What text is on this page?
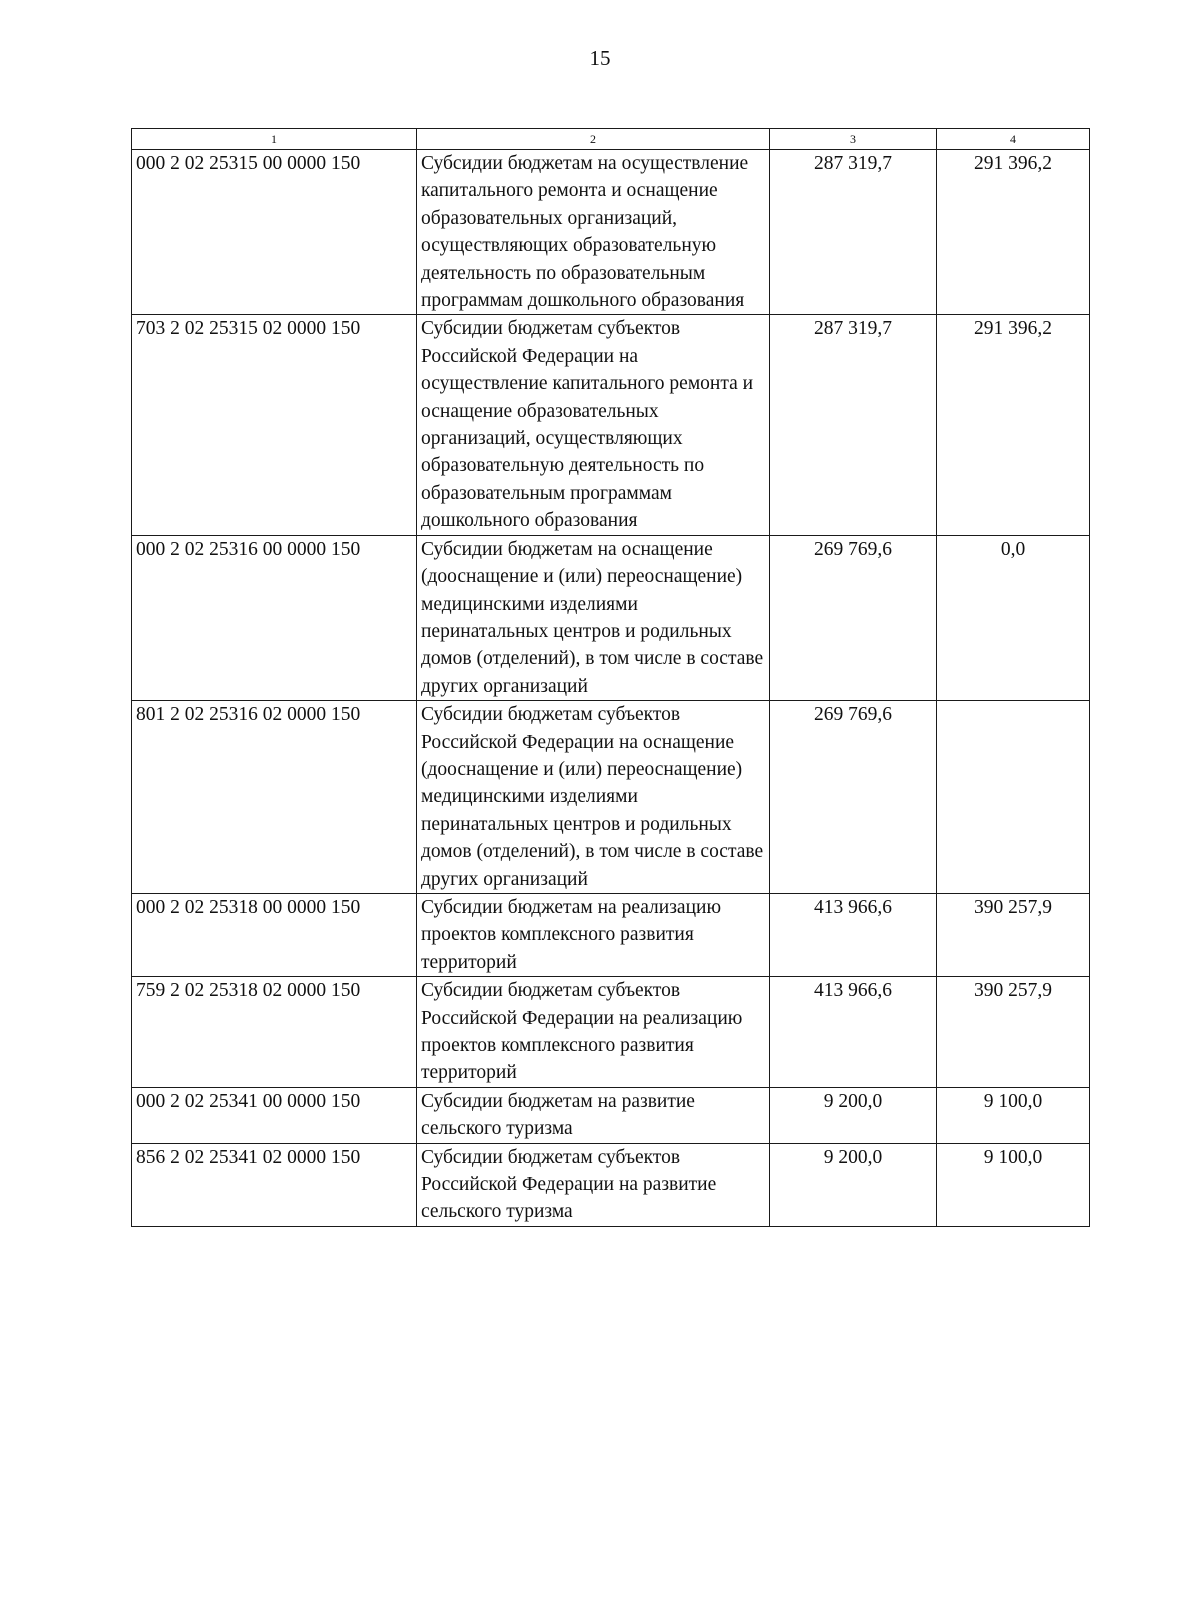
15
1	2	3	4
000 2 02 25315 00 0000 150	Субсидии бюджетам на осуществление капитального ремонта и оснащение образовательных организаций, осуществляющих образовательную деятельность по образовательным программам дошкольного образования	287 319,7	291 396,2
703 2 02 25315 02 0000 150	Субсидии бюджетам субъектов Российской Федерации на осуществление капитального ремонта и оснащение образовательных организаций, осуществляющих образовательную деятельность по образовательным программам дошкольного образования	287 319,7	291 396,2
000 2 02 25316 00 0000 150	Субсидии бюджетам на оснащение (дооснащение и (или) переоснащение) медицинскими изделиями перинатальных центров и родильных домов (отделений), в том числе в составе других организаций	269 769,6	0,0
801 2 02 25316 02 0000 150	Субсидии бюджетам субъектов Российской Федерации на оснащение (дооснащение и (или) переоснащение) медицинскими изделиями перинатальных центров и родильных домов (отделений), в том числе в составе других организаций	269 769,6	
000 2 02 25318 00 0000 150	Субсидии бюджетам на реализацию проектов комплексного развития территорий	413 966,6	390 257,9
759 2 02 25318 02 0000 150	Субсидии бюджетам субъектов Российской Федерации на реализацию проектов комплексного развития территорий	413 966,6	390 257,9
000 2 02 25341 00 0000 150	Субсидии бюджетам на развитие сельского туризма	9 200,0	9 100,0
856 2 02 25341 02 0000 150	Субсидии бюджетам субъектов Российской Федерации на развитие сельского туризма	9 200,0	9 100,0
